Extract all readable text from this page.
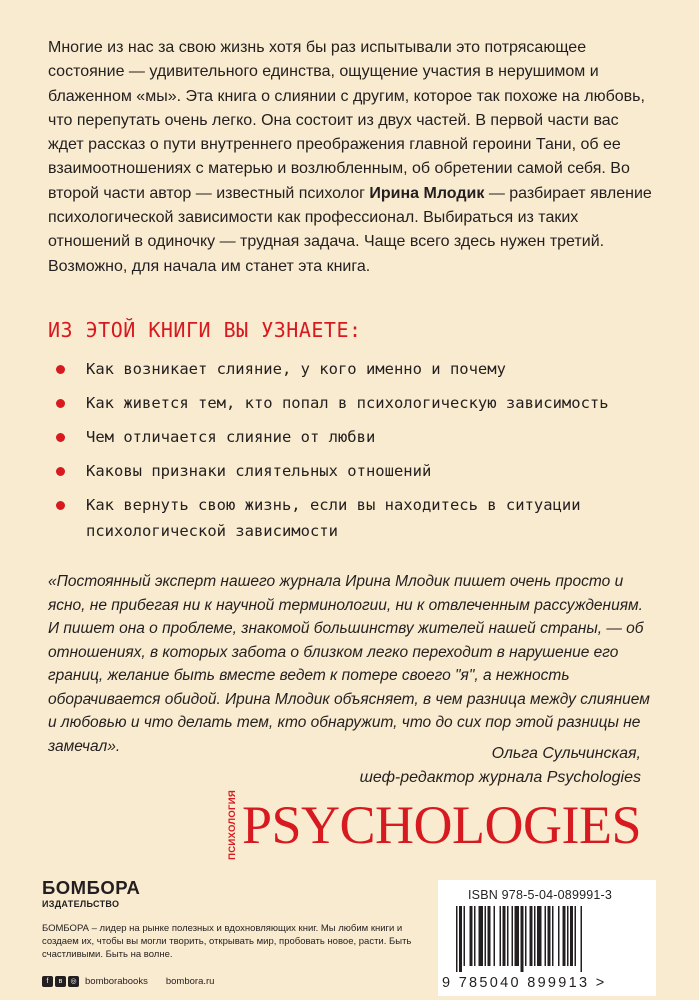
Многие из нас за свою жизнь хотя бы раз испытывали это потрясающее состояние — удивительного единства, ощущение участия в нерушимом и блаженном «мы». Эта книга о слиянии с другим, которое так похоже на любовь, что перепутать очень легко. Она состоит из двух частей. В первой части вас ждет рассказ о пути внутреннего преображения главной героини Тани, об ее взаимоотношениях с матерью и возлюбленным, об обретении самой себя. Во второй части автор — известный психолог Ирина Млодик — разбирает явление психологической зависимости как профессионал. Выбираться из таких отношений в одиночку — трудная задача. Чаще всего здесь нужен третий. Возможно, для начала им станет эта книга.

ИЗ ЭТОЙ КНИГИ ВЫ УЗНАЕТЕ:
Как возникает слияние, у кого именно и почему
Как живется тем, кто попал в психологическую зависимость
Чем отличается слияние от любви
Каковы признаки слиятельных отношений
Как вернуть свою жизнь, если вы находитесь в ситуации психологической зависимости
«Постоянный эксперт нашего журнала Ирина Млодик пишет очень просто и ясно, не прибегая ни к научной терминологии, ни к отвлеченным рассуждениям. И пишет она о проблеме, знакомой большинству жителей нашей страны, — об отношениях, в которых забота о близком легко переходит в нарушение его границ, желание быть вместе ведет к потере своего "я", а нежность оборачивается обидой. Ирина Млодик объясняет, в чем разница между слиянием и любовью и что делать тем, кто обнаружит, что до сих пор этой разницы не замечал».	Ольга Сульчинская,
шеф-редактор журнала Psychologies
ПСИХОЛОГИЯ PSYCHOLOGIES
БОМБОРА
ИЗДАТЕЛЬСТВО
БОМБОРА – лидер на рынке полезных и вдохновляющих книг. Мы любим книги и создаем их, чтобы вы могли творить, открывать мир, пробовать новое, расти. Быть счастливыми. Быть на волне.
f	в	◎ bomborabooks bombora.ru
ISBN 978-5-04-089991-3
9 785040 899913 >
